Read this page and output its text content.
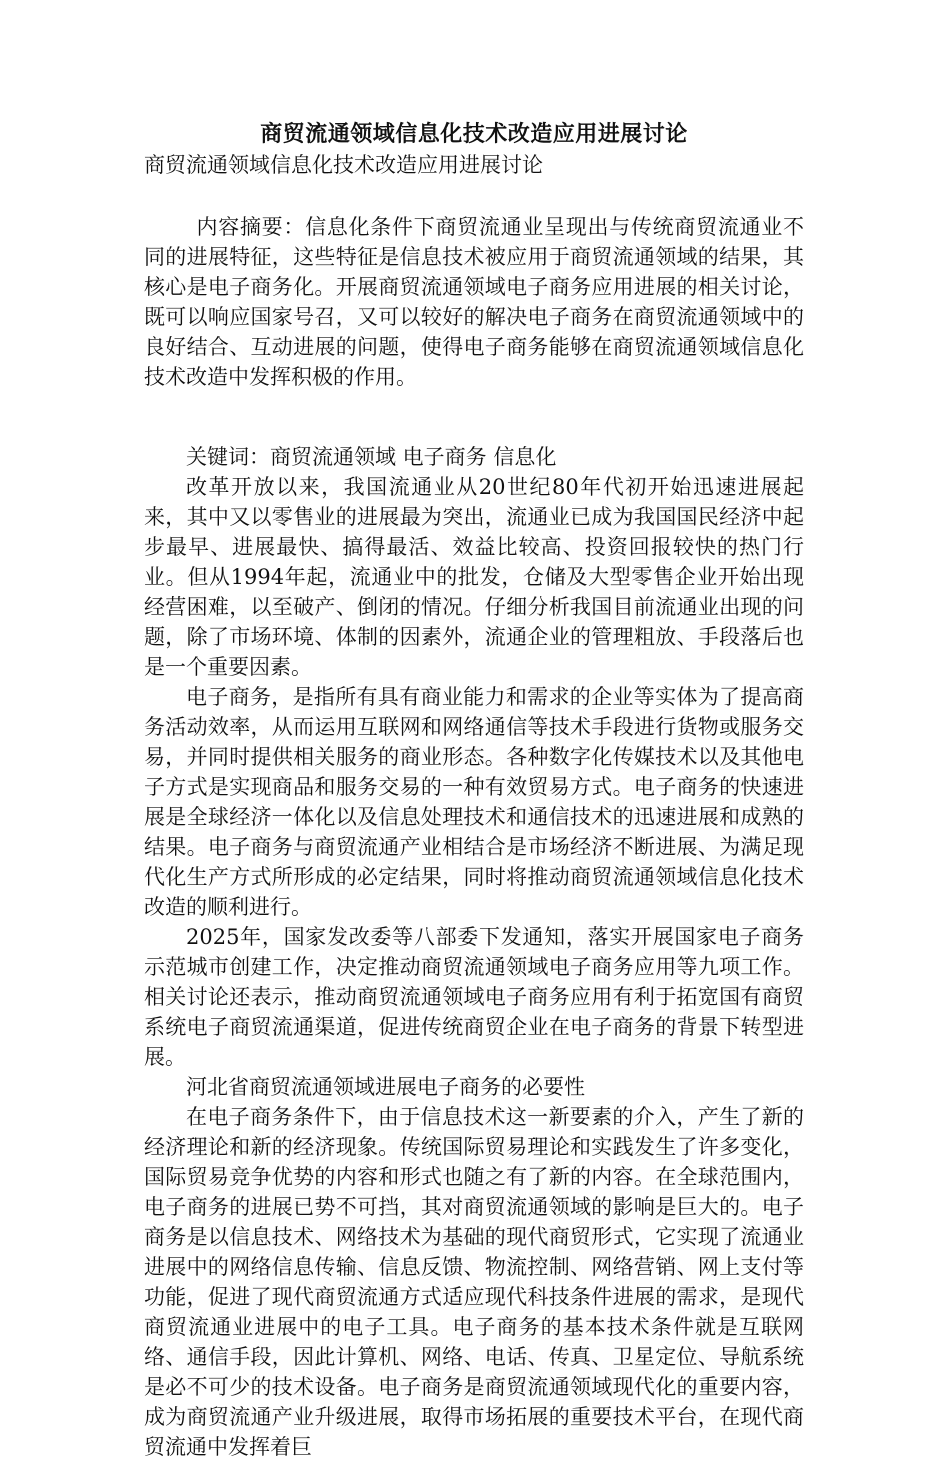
商贸流通领域信息化技术改造应用进展讨论

商贸流通领域信息化技术改造应用进展讨论

内容摘要：信息化条件下商贸流通业呈现出与传统商贸流通业不同的进展特征，这些特征是信息技术被应用于商贸流通领域的结果，其核心是电子商务化。开展商贸流通领域电子商务应用进展的相关讨论，既可以响应国家号召，又可以较好的解决电子商务在商贸流通领域中的良好结合、互动进展的问题，使得电子商务能够在商贸流通领域信息化技术改造中发挥积极的作用。

关键词：商贸流通领域 电子商务 信息化

改革开放以来，我国流通业从20世纪80年代初开始迅速进展起来，其中又以零售业的进展最为突出，流通业已成为我国国民经济中起步最早、进展最快、搞得最活、效益比较高、投资回报较快的热门行业。但从1994年起，流通业中的批发，仓储及大型零售企业开始出现经营困难，以至破产、倒闭的情况。仔细分析我国目前流通业出现的问题，除了市场环境、体制的因素外，流通企业的管理粗放、手段落后也是一个重要因素。

电子商务，是指所有具有商业能力和需求的企业等实体为了提高商务活动效率，从而运用互联网和网络通信等技术手段进行货物或服务交易，并同时提供相关服务的商业形态。各种数字化传媒技术以及其他电子方式是实现商品和服务交易的一种有效贸易方式。电子商务的快速进展是全球经济一体化以及信息处理技术和通信技术的迅速进展和成熟的结果。电子商务与商贸流通产业相结合是市场经济不断进展、为满足现代化生产方式所形成的必定结果，同时将推动商贸流通领域信息化技术改造的顺利进行。

2025年，国家发改委等八部委下发通知，落实开展国家电子商务示范城市创建工作，决定推动商贸流通领域电子商务应用等九项工作。相关讨论还表示，推动商贸流通领域电子商务应用有利于拓宽国有商贸系统电子商贸流通渠道，促进传统商贸企业在电子商务的背景下转型进展。

河北省商贸流通领域进展电子商务的必要性

在电子商务条件下，由于信息技术这一新要素的介入，产生了新的经济理论和新的经济现象。传统国际贸易理论和实践发生了许多变化，国际贸易竞争优势的内容和形式也随之有了新的内容。在全球范围内，电子商务的进展已势不可挡，其对商贸流通领域的影响是巨大的。电子商务是以信息技术、网络技术为基础的现代商贸形式，它实现了流通业进展中的网络信息传输、信息反馈、物流控制、网络营销、网上支付等功能，促进了现代商贸流通方式适应现代科技条件进展的需求，是现代商贸流通业进展中的电子工具。电子商务的基本技术条件就是互联网络、通信手段，因此计算机、网络、电话、传真、卫星定位、导航系统是必不可少的技术设备。电子商务是商贸流通领域现代化的重要内容，成为商贸流通产业升级进展，取得市场拓展的重要技术平台，在现代商贸流通中发挥着巨
